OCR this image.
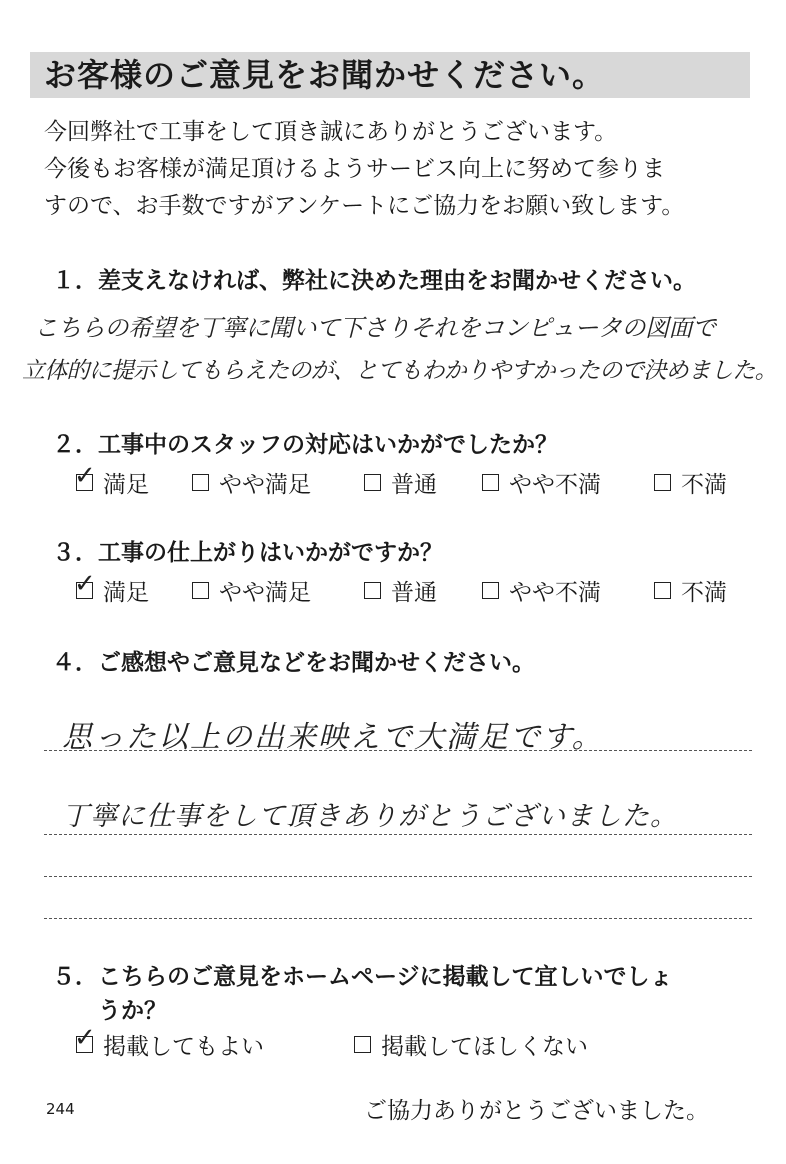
お客様のご意見をお聞かせください。
今回弊社で工事をして頂き誠にありがとうございます。
今後もお客様が満足頂けるようサービス向上に努めて参りま
すので、お手数ですがアンケートにご協力をお願い致します。
１．差支えなければ、弊社に決めた理由をお聞かせください。
こちらの希望を丁寧に聞いて下さりそれをコンピュータの図面で
立体的に提示してもらえたのが、とてもわかりやすかったので決めました。
２．工事中のスタッフの対応はいかがでしたか？
✓ 満足	やや満足	普通	やや不満	不満
３．工事の仕上がりはいかがですか？
✓ 満足	やや満足	普通	やや不満	不満
４．ご感想やご意見などをお聞かせください。
思った以上の出来映えで大満足です。
丁寧に仕事をして頂きありがとうございました。
５．こちらのご意見をホームページに掲載して宜しいでしょ
うか？
✓ 掲載してもよい	掲載してほしくない
244	ご協力ありがとうございました。
